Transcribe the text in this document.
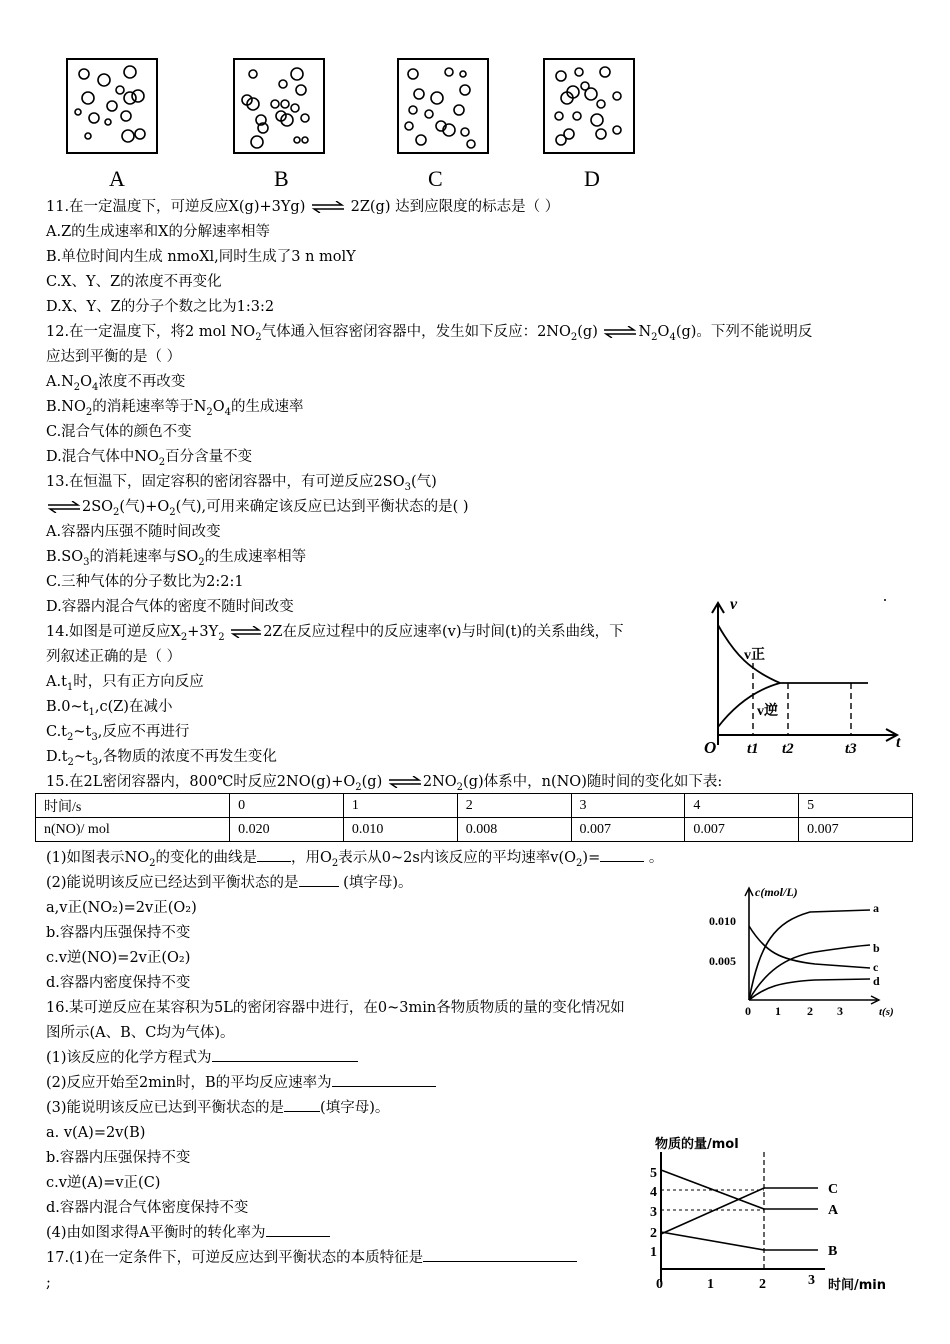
A	B	C	D
11.在一定温度下，可逆反应X(g)+3Yg) ⇌ 2Z(g) 达到应限度的标志是（ ）
A.Z的生成速率和X的分解速率相等
B.单位时间内生成 nmoXl,同时生成了3 n molY
C.X、Y、Z的浓度不再变化
D.X、Y、Z的分子个数之比为1:3:2
12.在一定温度下，将2 mol $NO_2$气体通入恒容密闭容器中，发生如下反应：$2NO_2(g)$ $\rightleftharpoons N_2O_4(g)$。下列不能说明反
应达到平衡的是（ ）
$A.N_2O_4$浓度不再改变
$B.NO_2$的消耗速率等于$N_2O_4$的生成速率
C.混合气体的颜色不变
D.混合气体中$NO_2$百分含量不变
13.在恒温下，固定容积的密闭容器中，有可逆反应$2SO_3$(气)
$\rightleftharpoons 2SO_2$(气)$+O_2$(气),可用来确定该反应已达到平衡状态的是( )
A.容器内压强不随时间改变
$B.SO_3$的消耗速率与$SO_2$的生成速率相等
C.三种气体的分子数比为2:2:1
D.容器内混合气体的密度不随时间改变
14.如图是可逆反应$X_2+3Y_2$ ⇌2Z在反应过程中的反应速率(v)与时间(t)的关系曲线，下
列叙述正确的是（ ）
$A.t_1$时，只有正方向反应
$B.0\sim t_1,c(Z)$在减小
$C.t_2\sim t_3$,反应不再进行
$D.t_2\sim t_3$,各物质的浓度不再发生变化
v
t
O
v正
v逆
t1 t2	t3
15.在2L密闭容器内，800℃时反应$2NO(g)+O_2(g)$ $\rightleftharpoons 2NO_2(g)$体系中，n(NO)随时间的变化如下表:
时间/s	0	1	2	3	4	5
n(NO)/ mol	0.020	0.010	0.008	0.007	0.007	0.007
(1)如图表示$NO_2$的变化的曲线是 ，用$O_2$表示从0~2s内该反应的平均速率$v(O_2)=$	。
(2)能说明该反应已经达到平衡状态的是	(填字母)。
a,v正(NO₂)=2v正(O₂)
b.容器内压强保持不变
c.v逆(NO)=2v正(O₂)
d.容器内密度保持不变
c(mol/L)
0.010
0.005
0 1 2 3	t(s)
a
b
c
d
16.某可逆反应在某容积为5L的密闭容器中进行，在0~3min各物质物质的量的变化情况如
图所示(A、B、C均为气体)。
(1)该反应的化学方程式为
(2)反应开始至2min时，B的平均反应速率为
(3)能说明该反应已达到平衡状态的是 (填字母)。
a. v(A)=2v(B)
b.容器内压强保持不变
c.v逆(A)=v正(C)
d.容器内混合气体密度保持不变
(4)由如图求得A平衡时的转化率为
物质的量/mol
5
4
3
2
1
0	1	2	3 时间/min
C
A
B
17.(1)在一定条件下，可逆反应达到平衡状态的本质特征是
;
